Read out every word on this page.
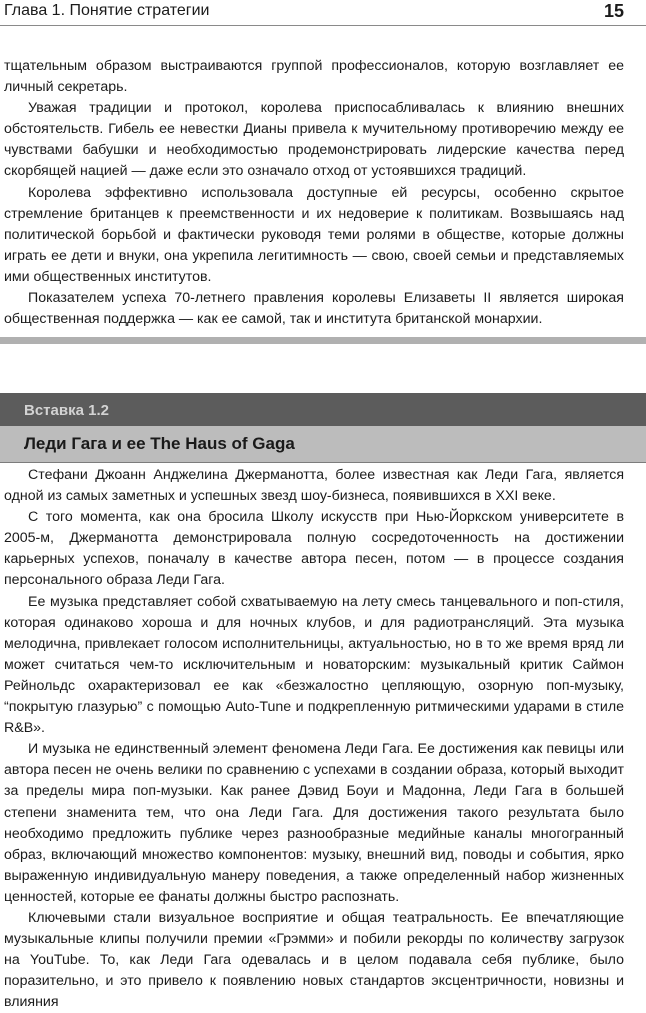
Глава 1. Понятие стратегии	15

тщательным образом выстраиваются группой профессионалов, которую возглавляет ее личный секретарь.

Уважая традиции и протокол, королева приспосабливалась к влиянию внешних обстоятельств. Гибель ее невестки Дианы привела к мучительному противоречию между ее чувствами бабушки и необходимостью продемонстрировать лидерские качества перед скорбящей нацией — даже если это означало отход от устоявшихся традиций.

Королева эффективно использовала доступные ей ресурсы, особенно скрытое стремление британцев к преемственности и их недоверие к политикам. Возвышаясь над политической борьбой и фактически руководя теми ролями в обществе, которые должны играть ее дети и внуки, она укрепила легитимность — свою, своей семьи и представляемых ими общественных институтов.

Показателем успеха 70-летнего правления королевы Елизаветы II является широкая общественная поддержка — как ее самой, так и института британской монархии.

Вставка 1.2
Леди Гага и ее The Haus of Gaga

Стефани Джоанн Анджелина Джерманотта, более известная как Леди Гага, является одной из самых заметных и успешных звезд шоу-бизнеса, появившихся в XXI веке.

С того момента, как она бросила Школу искусств при Нью-Йоркском университете в 2005-м, Джерманотта демонстрировала полную сосредоточенность на достижении карьерных успехов, поначалу в качестве автора песен, потом — в процессе создания персонального образа Леди Гага.

Ее музыка представляет собой схватываемую на лету смесь танцевального и поп-стиля, которая одинаково хороша и для ночных клубов, и для радиотрансляций. Эта музыка мелодична, привлекает голосом исполнительницы, актуальностью, но в то же время вряд ли может считаться чем-то исключительным и новаторским: музыкальный критик Саймон Рейнольдс охарактеризовал ее как «безжалостно цепляющую, озорную поп-музыку, “покрытую глазурью” с помощью Auto-Tune и подкрепленную ритмическими ударами в стиле R&B».

И музыка не единственный элемент феномена Леди Гага. Ее достижения как певицы или автора песен не очень велики по сравнению с успехами в создании образа, который выходит за пределы мира поп-музыки. Как ранее Дэвид Боуи и Мадонна, Леди Гага в большей степени знаменита тем, что она Леди Гага. Для достижения такого результата было необходимо предложить публике через разнообразные медийные каналы многогранный образ, включающий множество компонентов: музыку, внешний вид, поводы и события, ярко выраженную индивидуальную манеру поведения, а также определенный набор жизненных ценностей, которые ее фанаты должны быстро распознать.

Ключевыми стали визуальное восприятие и общая театральность. Ее впечатляющие музыкальные клипы получили премии «Грэмми» и побили рекорды по количеству загрузок на YouTube. То, как Леди Гага одевалась и в целом подавала себя публике, было поразительно, и это привело к появлению новых стандартов эксцентричности, новизны и влияния
